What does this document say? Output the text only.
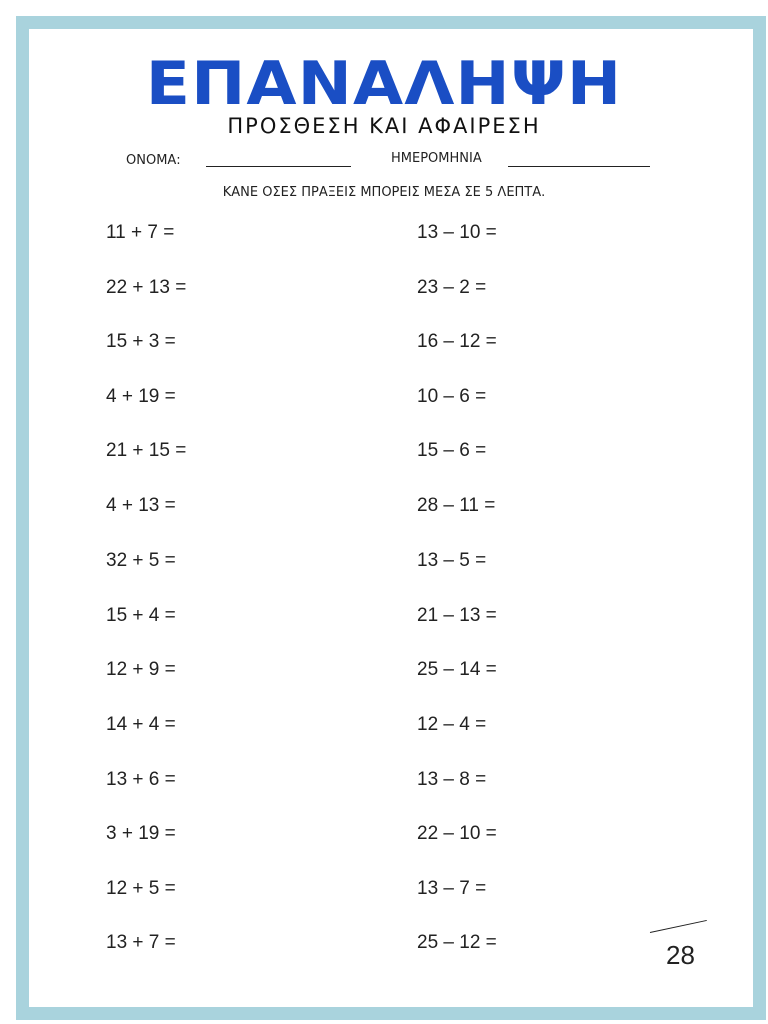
ΕΠΑΝΑΛΗΨΗ
ΠΡΟΣΘΕΣΗ ΚΑΙ ΑΦΑΙΡΕΣΗ
ΟΝΟΜΑ:	ΗΜΕΡΟΜΗΝΙΑ
ΚΑΝΕ ΟΣΕΣ ΠΡΑΞΕΙΣ ΜΠΟΡΕΙΣ ΜΕΣΑ ΣΕ 5 ΛΕΠΤΑ.
11 + 7 =
22 + 13 =
15 + 3 =
4 + 19 =
21 + 15 =
4 + 13 =
32 + 5 =
15 + 4 =
12 + 9 =
14 + 4 =
13 + 6 =
3 + 19 =
12 + 5 =
13 + 7 =
13 – 10 =
23 – 2 =
16 – 12 =
10 – 6 =
15 – 6 =
28 – 11 =
13 – 5 =
21 – 13 =
25 – 14 =
12 – 4 =
13 – 8 =
22 – 10 =
13 – 7 =
25 – 12 =	28
